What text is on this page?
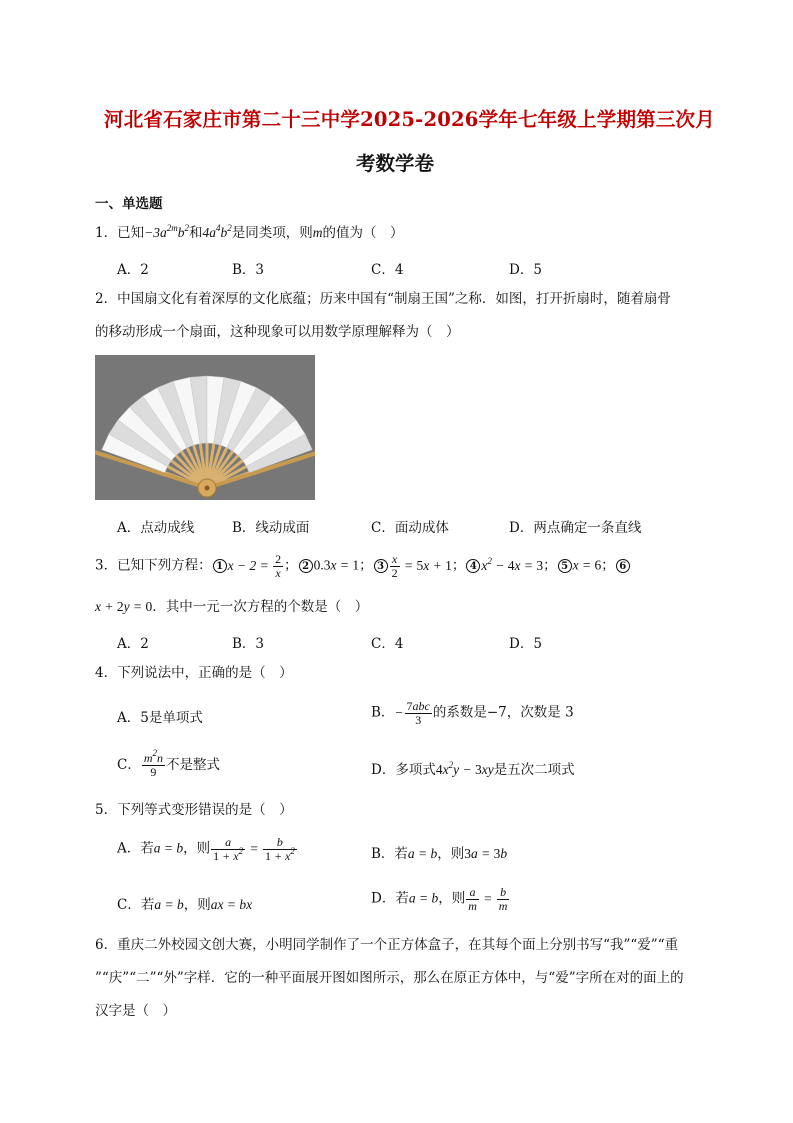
河北省石家庄市第二十三中学2025-2026学年七年级上学期第三次月
考数学卷
一、单选题
1．已知$-3a^{2m}b^2$和$4a^4b^2$是同类项，则m的值为（　）
A．2	B．3	C．4	D．5
2．中国扇文化有着深厚的文化底蕴；历来中国有“制扇王国”之称．如图，打开折扇时，随着扇骨
的移动形成一个扇面，这种现象可以用数学原理解释为（　）
A．点动成线	B．线动成面	C．面动成体	D．两点确定一条直线
3．已知下列方程： 1 $x - 2 = \frac{2}{x}$ ； 2 0.3x = 1； $3 \frac{x}{2} = 5x + 1$； 4 $x^2 - 4x = 3$； 5 x = 6； 6
x + 2y = 0．其中一元一次方程的个数是（　）
A．2	B．3	C．4	D．5
4．下列说法中，正确的是（　）
A．5是单项式	B．− $\frac{\text{7abc}}{3}$ 的系数是−7，次数是 3
C． $\frac{m^2n}{9}$ 不是整式	D．多项式$4x^2y - 3xy$是五次二项式
5．下列等式变形错误的是（　）
A．若a = b，则 $\frac{a}{1 + x^2} = \frac{b}{1 + x^2}$	B．若a = b，则3a = 3b
C．若a = b，则ax = bx	D．若a = b，则 $\frac{a}{m} = \frac{b}{m}$
6．重庆二外校园文创大赛，小明同学制作了一个正方体盒子，在其每个面上分别书写“我”“爱”“重
”“庆”“二”“外”字样．它的一种平面展开图如图所示，那么在原正方体中，与“爱”字所在对的面上的
汉字是（　）
